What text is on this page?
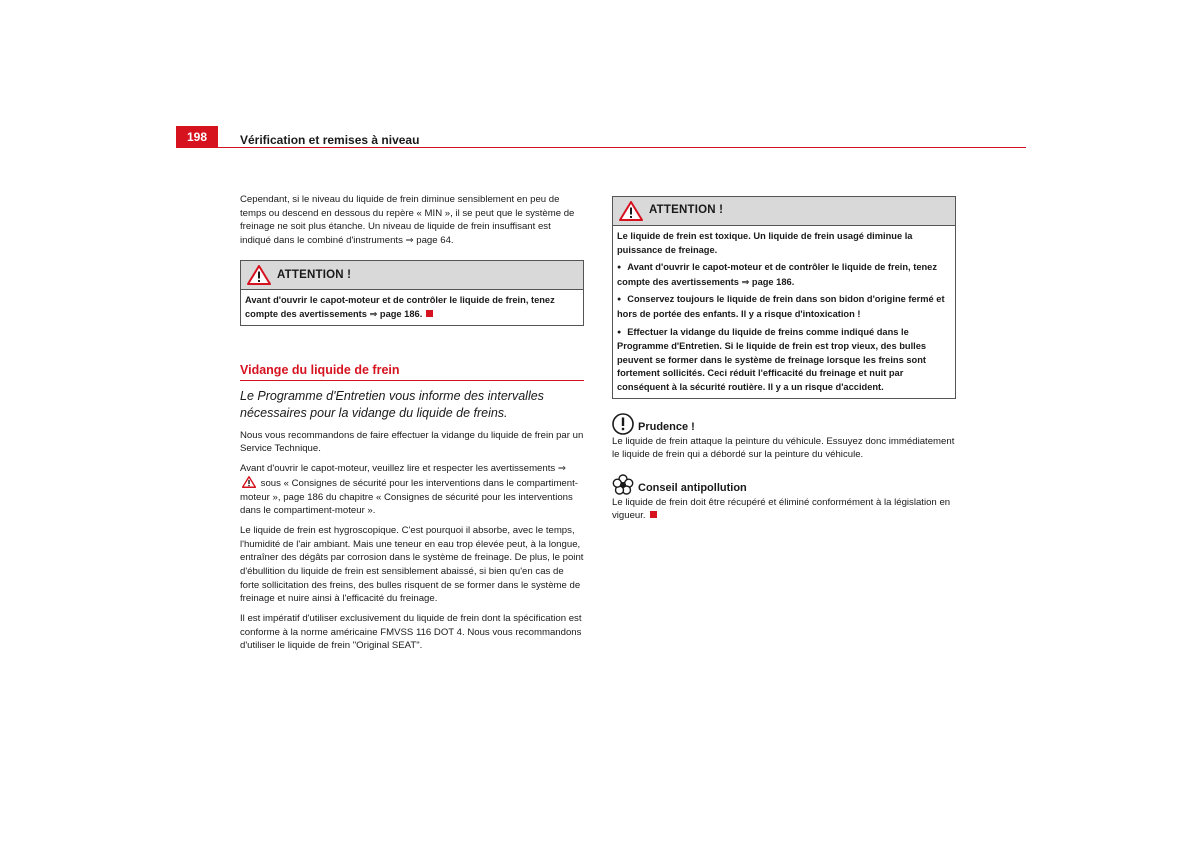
198	Vérification et remises à niveau

Cependant, si le niveau du liquide de frein diminue sensiblement en peu de temps ou descend en dessous du repère « MIN », il se peut que le système de freinage ne soit plus étanche. Un niveau de liquide de frein insuffisant est indiqué dans le combiné d'instruments ⇒ page 64.

ATTENTION !
Avant d'ouvrir le capot-moteur et de contrôler le liquide de frein, tenez compte des avertissements ⇒ page 186.
Vidange du liquide de frein

Le Programme d'Entretien vous informe des intervalles nécessaires pour la vidange du liquide de freins.

Nous vous recommandons de faire effectuer la vidange du liquide de frein par un Service Technique.

Avant d'ouvrir le capot-moteur, veuillez lire et respecter les avertissements ⇒  sous « Consignes de sécurité pour les interventions dans le compartiment-moteur », page 186 du chapitre « Consignes de sécurité pour les interventions dans le compartiment-moteur ».

Le liquide de frein est hygroscopique. C'est pourquoi il absorbe, avec le temps, l'humidité de l'air ambiant. Mais une teneur en eau trop élevée peut, à la longue, entraîner des dégâts par corrosion dans le système de freinage. De plus, le point d'ébullition du liquide de frein est sensiblement abaissé, si bien qu'en cas de forte sollicitation des freins, des bulles risquent de se former dans le système de freinage et nuire ainsi à l'efficacité du freinage.

Il est impératif d'utiliser exclusivement du liquide de frein dont la spécification est conforme à la norme américaine FMVSS 116 DOT 4. Nous vous recommandons d'utiliser le liquide de frein "Original SEAT".

ATTENTION !
Le liquide de frein est toxique. Un liquide de frein usagé diminue la puissance de freinage.
● Avant d'ouvrir le capot-moteur et de contrôler le liquide de frein, tenez compte des avertissements ⇒ page 186.
● Conservez toujours le liquide de frein dans son bidon d'origine fermé et hors de portée des enfants. Il y a risque d'intoxication !
● Effectuer la vidange du liquide de freins comme indiqué dans le Programme d'Entretien. Si le liquide de frein est trop vieux, des bulles peuvent se former dans le système de freinage lorsque les freins sont fortement sollicités. Ceci réduit l'efficacité du freinage et nuit par conséquent à la sécurité routière. Il y a un risque d'accident.
Prudence !

Le liquide de frein attaque la peinture du véhicule. Essuyez donc immédiatement le liquide de frein qui a débordé sur la peinture du véhicule.

Conseil antipollution

Le liquide de frein doit être récupéré et éliminé conformément à la législation en vigueur.
